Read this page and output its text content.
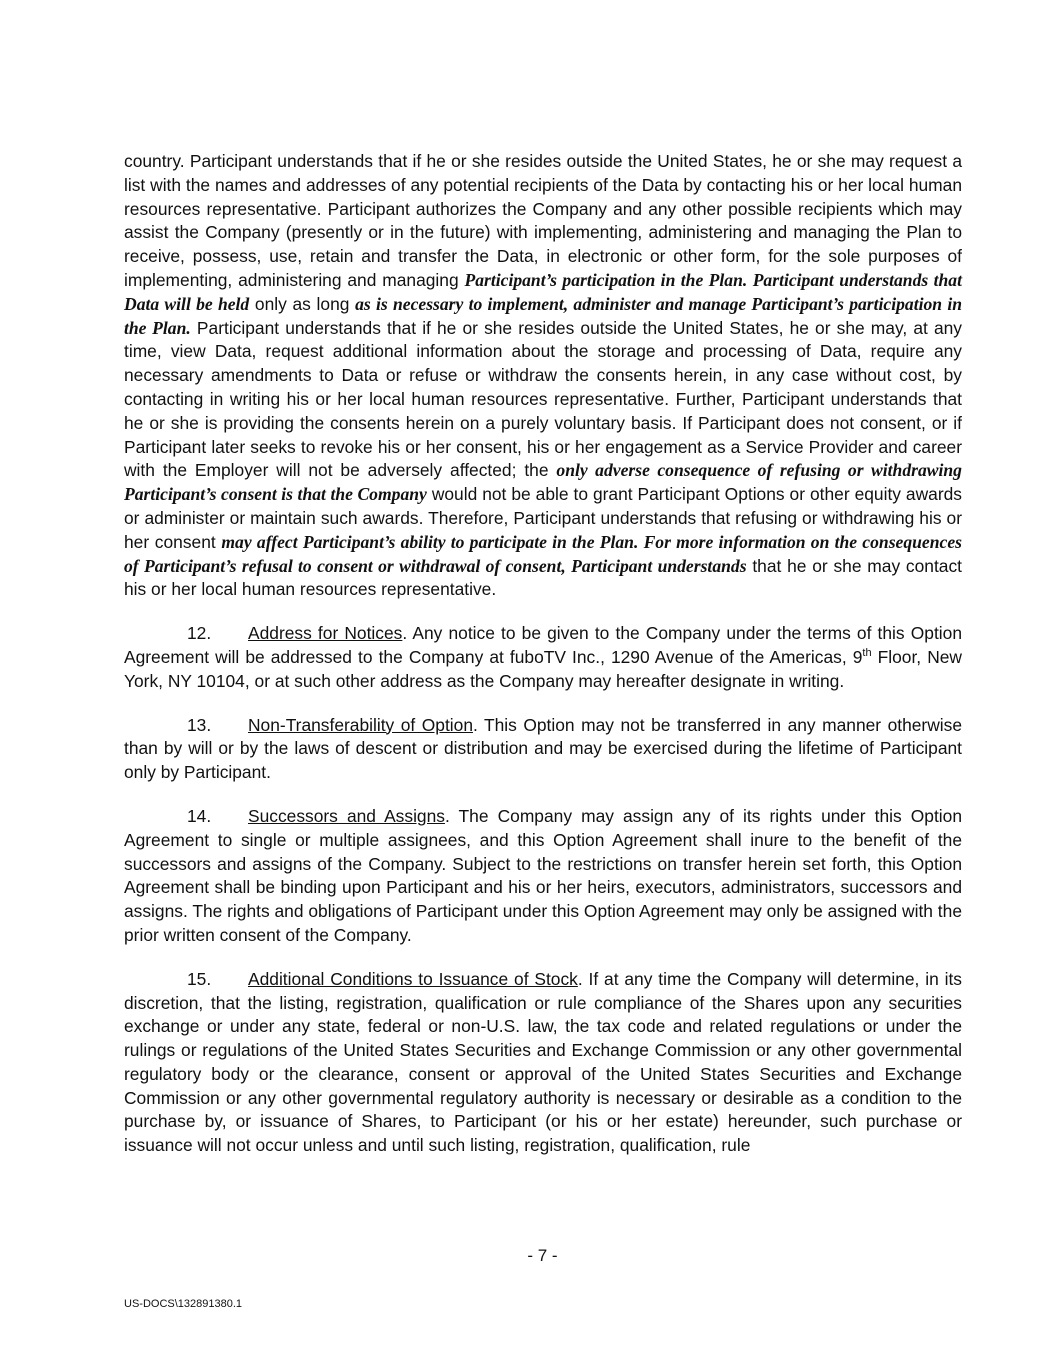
country. Participant understands that if he or she resides outside the United States, he or she may request a list with the names and addresses of any potential recipients of the Data by contacting his or her local human resources representative. Participant authorizes the Company and any other possible recipients which may assist the Company (presently or in the future) with implementing, administering and managing the Plan to receive, possess, use, retain and transfer the Data, in electronic or other form, for the sole purposes of implementing, administering and managing Participant’s participation in the Plan. Participant understands that Data will be held only as long as is necessary to implement, administer and manage Participant’s participation in the Plan. Participant understands that if he or she resides outside the United States, he or she may, at any time, view Data, request additional information about the storage and processing of Data, require any necessary amendments to Data or refuse or withdraw the consents herein, in any case without cost, by contacting in writing his or her local human resources representative. Further, Participant understands that he or she is providing the consents herein on a purely voluntary basis. If Participant does not consent, or if Participant later seeks to revoke his or her consent, his or her engagement as a Service Provider and career with the Employer will not be adversely affected; the only adverse consequence of refusing or withdrawing Participant’s consent is that the Company would not be able to grant Participant Options or other equity awards or administer or maintain such awards. Therefore, Participant understands that refusing or withdrawing his or her consent may affect Participant’s ability to participate in the Plan. For more information on the consequences of Participant’s refusal to consent or withdrawal of consent, Participant understands that he or she may contact his or her local human resources representative.

12. Address for Notices. Any notice to be given to the Company under the terms of this Option Agreement will be addressed to the Company at fuboTV Inc., 1290 Avenue of the Americas, 9th Floor, New York, NY 10104, or at such other address as the Company may hereafter designate in writing.

13. Non-Transferability of Option. This Option may not be transferred in any manner otherwise than by will or by the laws of descent or distribution and may be exercised during the lifetime of Participant only by Participant.

14. Successors and Assigns. The Company may assign any of its rights under this Option Agreement to single or multiple assignees, and this Option Agreement shall inure to the benefit of the successors and assigns of the Company. Subject to the restrictions on transfer herein set forth, this Option Agreement shall be binding upon Participant and his or her heirs, executors, administrators, successors and assigns. The rights and obligations of Participant under this Option Agreement may only be assigned with the prior written consent of the Company.

15. Additional Conditions to Issuance of Stock. If at any time the Company will determine, in its discretion, that the listing, registration, qualification or rule compliance of the Shares upon any securities exchange or under any state, federal or non-U.S. law, the tax code and related regulations or under the rulings or regulations of the United States Securities and Exchange Commission or any other governmental regulatory body or the clearance, consent or approval of the United States Securities and Exchange Commission or any other governmental regulatory authority is necessary or desirable as a condition to the purchase by, or issuance of Shares, to Participant (or his or her estate) hereunder, such purchase or issuance will not occur unless and until such listing, registration, qualification, rule

- 7 -
US-DOCS\132891380.1
